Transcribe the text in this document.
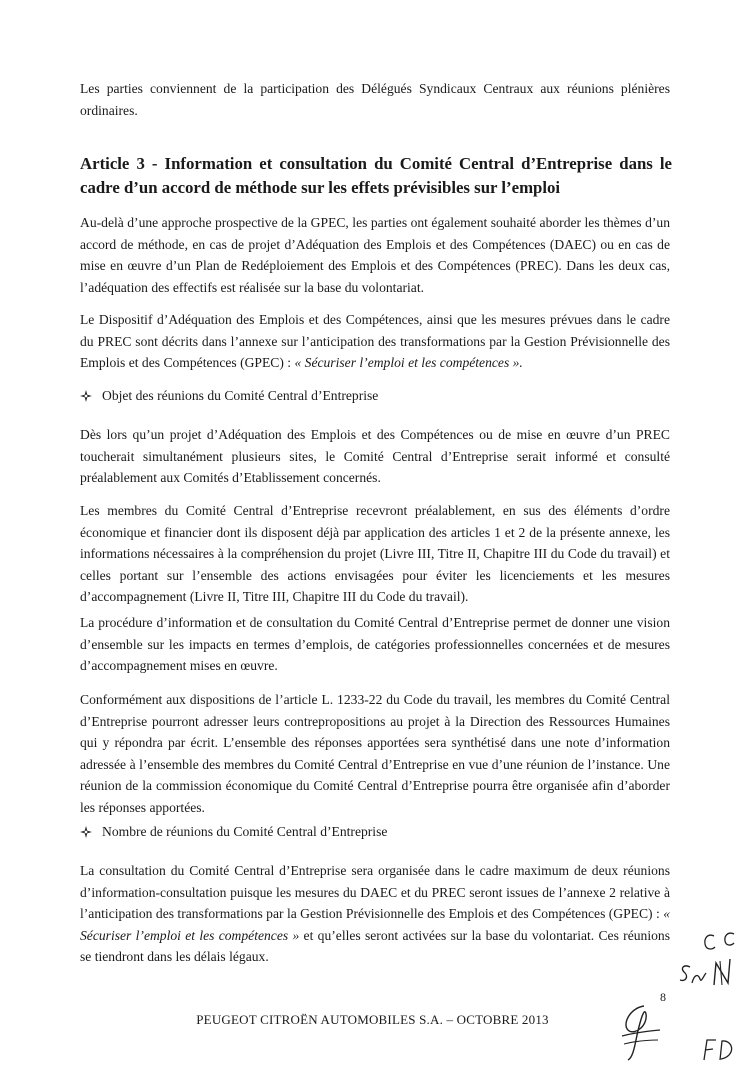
Les parties conviennent de la participation des Délégués Syndicaux Centraux aux réunions plénières ordinaires.

Article 3 - Information et consultation du Comité Central d’Entreprise dans le cadre d’un accord de méthode sur les effets prévisibles sur l’emploi

Au-delà d’une approche prospective de la GPEC, les parties ont également souhaité aborder les thèmes d’un accord de méthode, en cas de projet d’Adéquation des Emplois et des Compétences (DAEC) ou en cas de mise en œuvre d’un Plan de Redéploiement des Emplois et des Compétences (PREC). Dans les deux cas, l’adéquation des effectifs est réalisée sur la base du volontariat.

Le Dispositif d’Adéquation des Emplois et des Compétences, ainsi que les mesures prévues dans le cadre du PREC sont décrits dans l’annexe sur l’anticipation des transformations par la Gestion Prévisionnelle des Emplois et des Compétences (GPEC) : « Sécuriser l’emploi et les compétences ».

Objet des réunions du Comité Central d’Entreprise

Dès lors qu’un projet d’Adéquation des Emplois et des Compétences ou de mise en œuvre d’un PREC toucherait simultanément plusieurs sites, le Comité Central d’Entreprise serait informé et consulté préalablement aux Comités d’Etablissement concernés.

Les membres du Comité Central d’Entreprise recevront préalablement, en sus des éléments d’ordre économique et financier dont ils disposent déjà par application des articles 1 et 2 de la présente annexe, les informations nécessaires à la compréhension du projet (Livre III, Titre II, Chapitre III du Code du travail) et celles portant sur l’ensemble des actions envisagées pour éviter les licenciements et les mesures d’accompagnement (Livre II, Titre III, Chapitre III du Code du travail).

La procédure d’information et de consultation du Comité Central d’Entreprise permet de donner une vision d’ensemble sur les impacts en termes d’emplois, de catégories professionnelles concernées et de mesures d’accompagnement mises en œuvre.

Conformément aux dispositions de l’article L. 1233-22 du Code du travail, les membres du Comité Central d’Entreprise pourront adresser leurs contrepropositions au projet à la Direction des Ressources Humaines qui y répondra par écrit. L’ensemble des réponses apportées sera synthétisé dans une note d’information adressée à l’ensemble des membres du Comité Central d’Entreprise en vue d’une réunion de l’instance. Une réunion de la commission économique du Comité Central d’Entreprise pourra être organisée afin d’aborder les réponses apportées.

Nombre de réunions du Comité Central d’Entreprise

La consultation du Comité Central d’Entreprise sera organisée dans le cadre maximum de deux réunions d’information-consultation puisque les mesures du DAEC et du PREC seront issues de l’annexe 2 relative à l’anticipation des transformations par la Gestion Prévisionnelle des Emplois et des Compétences (GPEC) : « Sécuriser l’emploi et les compétences » et qu’elles seront activées sur la base du volontariat. Ces réunions se tiendront dans les délais légaux.

8

PEUGEOT CITROËN AUTOMOBILES S.A. – OCTOBRE 2013
